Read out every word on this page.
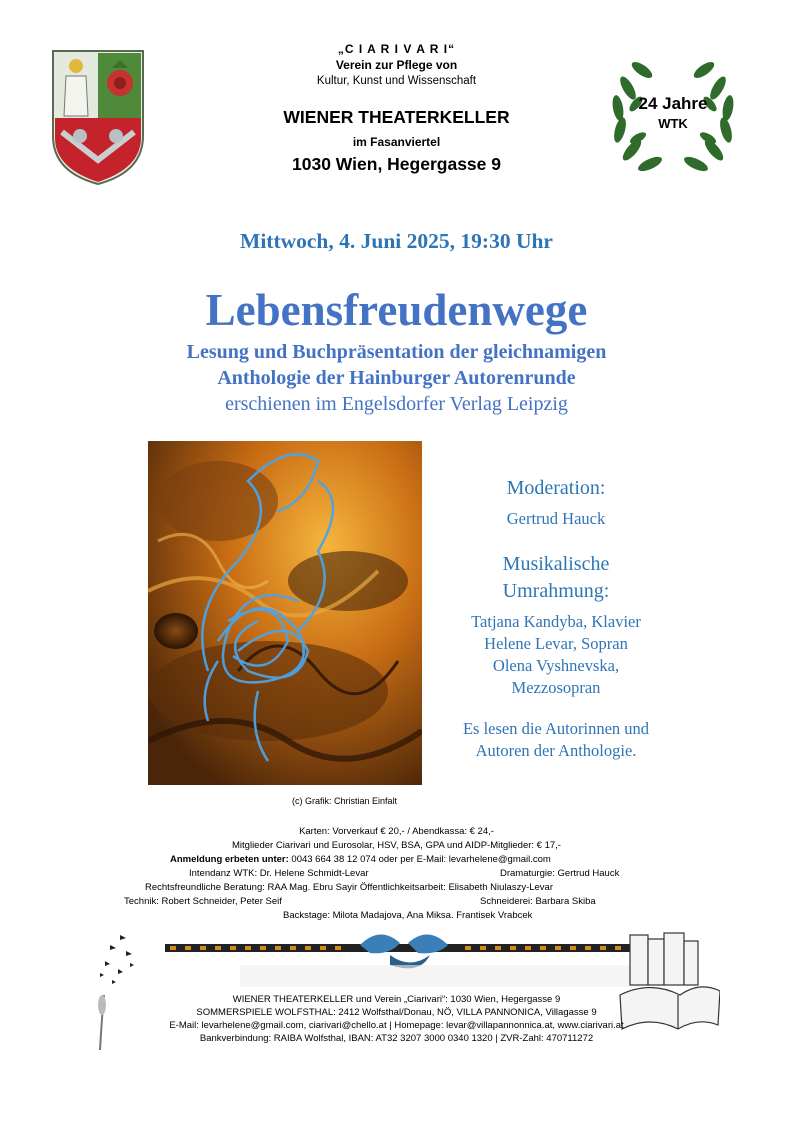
„C I A R I V A R I“
Verein zur Pflege von
Kultur, Kunst und Wissenschaft
WIENER THEATERKELLER
im Fasanviertel
1030 Wien, Hegergasse 9
24 Jahre
WTK
Mittwoch, 4. Juni 2025, 19:30 Uhr
Lebensfreudenwege
Lesung und Buchpräsentation der gleichnamigen
Anthologie der Hainburger Autorenrunde
erschienen im Engelsdorfer Verlag Leipzig
(c) Grafik: Christian Einfalt
Moderation:
Gertrud Hauck
Musikalische
Umrahmung:
Tatjana Kandyba, Klavier
Helene Levar, Sopran
Olena Vyshnevska,
Mezzosopran
Es lesen die Autorinnen und
Autoren der Anthologie.
Karten: Vorverkauf € 20,- / Abendkassa: € 24,-
Mitglieder Ciarivari und Eurosolar, HSV, BSA, GPA und AIDP-Mitglieder: € 17,-
Anmeldung erbeten unter: 0043 664 38 12 074 oder per E-Mail: levarhelene@gmail.com
Intendanz WTK: Dr. Helene Schmidt-Levar	Dramaturgie: Gertrud Hauck
Rechtsfreundliche Beratung: RAA Mag. Ebru Sayir Öffentlichkeitsarbeit: Elisabeth Niulaszy-Levar
Technik: Robert Schneider, Peter Seif	Schneiderei: Barbara Skiba
Backstage: Milota Madajova, Ana Miksa. Frantisek Vrabcek
WIENER THEATERKELLER und Verein „Ciarivari“: 1030 Wien, Hegergasse 9
SOMMERSPIELE WOLFSTHAL: 2412 Wolfsthal/Donau, NÖ, VILLA PANNONICA, Villagasse 9
E-Mail: levarhelene@gmail.com, ciarivari@chello.at | Homepage: levar@villapannonnica.at, www.ciarivari.at
Bankverbindung: RAIBA Wolfsthal, IBAN: AT32 3207 3000 0340 1320 | ZVR-Zahl: 470711272
